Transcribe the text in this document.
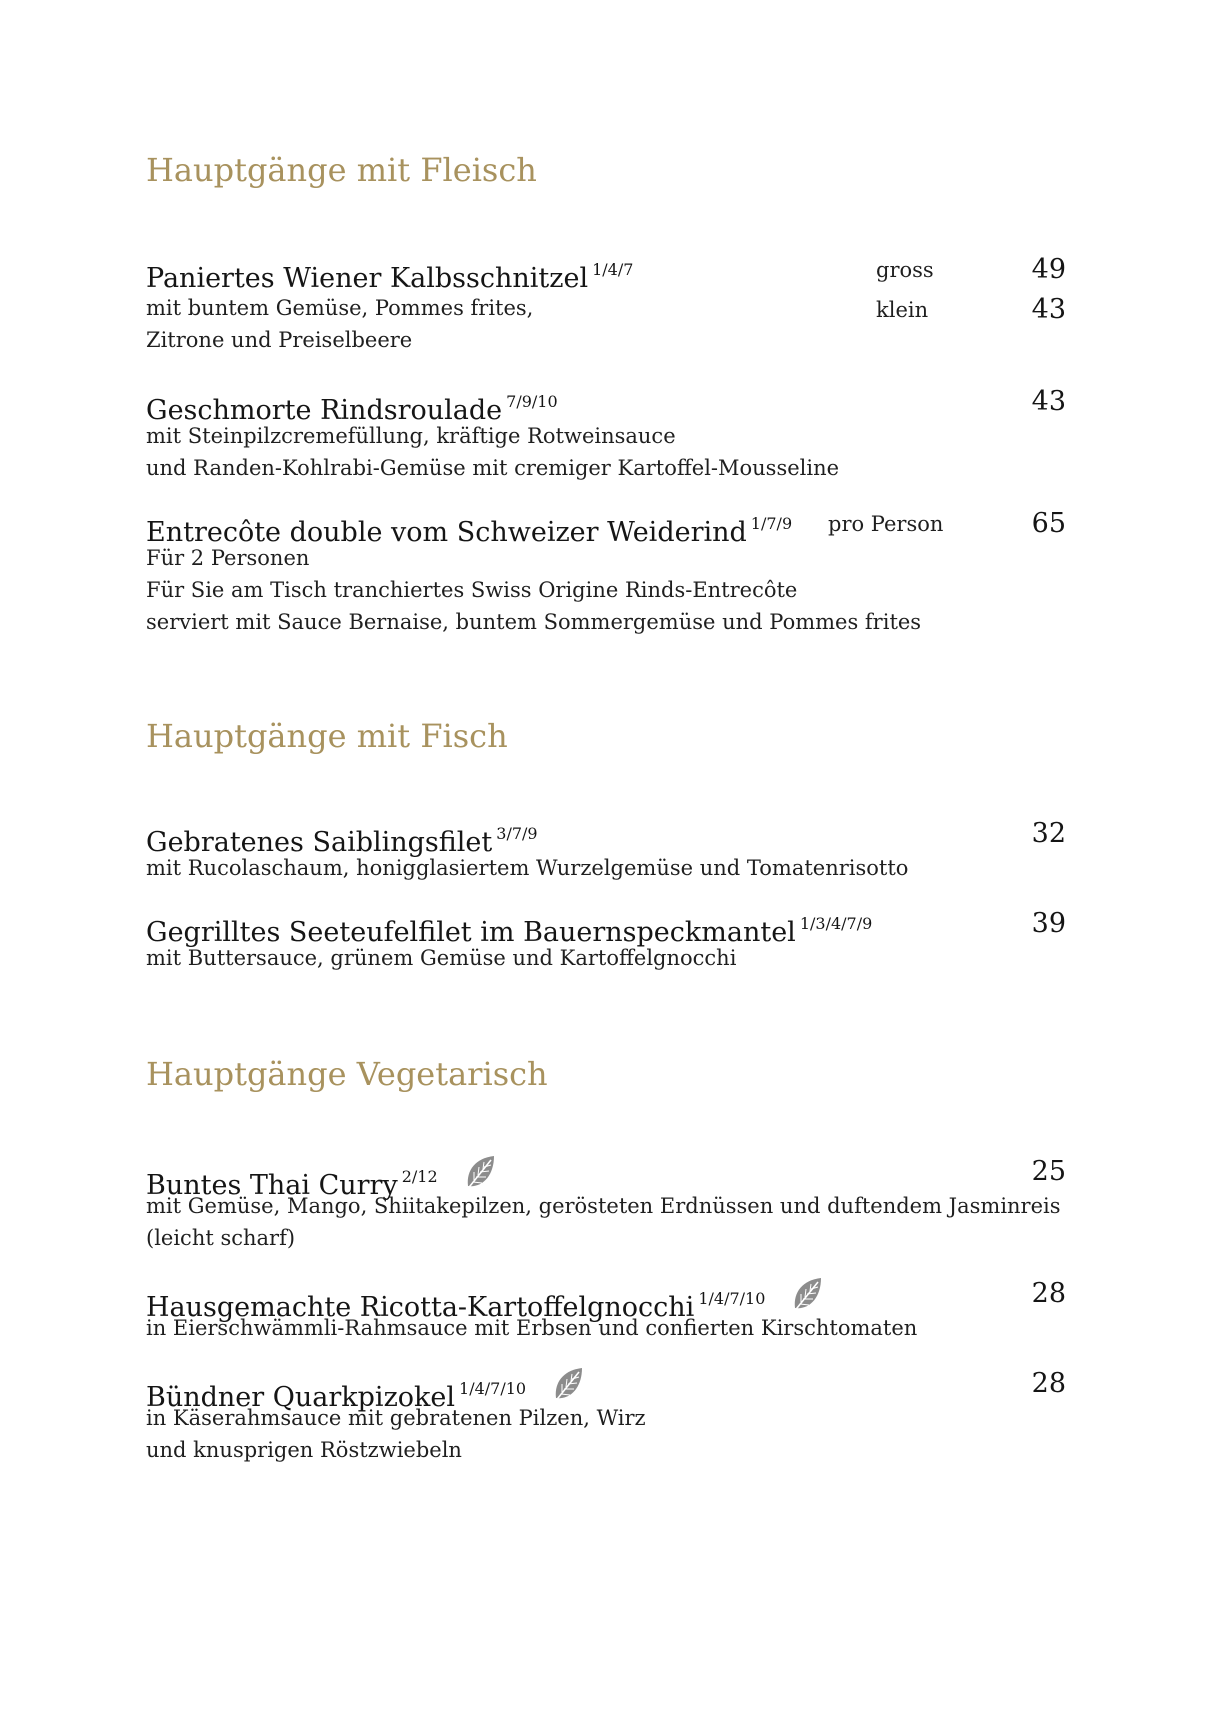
Hauptgänge mit Fleisch
Paniertes Wiener Kalbsschnitzel $^{1/4/7}$	gross	49
klein	43
mit buntem Gemüse, Pommes frites,
Zitrone und Preiselbeere
Geschmorte Rindsroulade $^{7/9/10}$	43
mit Steinpilzcremefüllung, kräftige Rotweinsauce
und Randen-Kohlrabi-Gemüse mit cremiger Kartoffel-Mousseline
Entrecôte double vom Schweizer Weiderind $^{1/7/9}$	pro Person	65
Für 2 Personen
Für Sie am Tisch tranchiertes Swiss Origine Rinds-Entrecôte
serviert mit Sauce Bernaise, buntem Sommergemüse und Pommes frites
Hauptgänge mit Fisch
Gebratenes Saiblingsfilet $^{3/7/9}$	32
mit Rucolaschaum, honigglasiertem Wurzelgemüse und Tomatenrisotto
Gegrilltes Seeteufelfilet im Bauernspeckmantel $^{1/3/4/7/9}$	39
mit Buttersauce, grünem Gemüse und Kartoffelgnocchi
Hauptgänge Vegetarisch
Buntes Thai Curry $^{2/12}$	25
mit Gemüse, Mango, Shiitakepilzen, gerösteten Erdnüssen und duftendem Jasminreis
(leicht scharf)
Hausgemachte Ricotta-Kartoffelgnocchi $^{1/4/7/10}$	28
in Eierschwämmli-Rahmsauce mit Erbsen und confierten Kirschtomaten
Bündner Quarkpizokel $^{1/4/7/10}$	28
in Käserahmsauce mit gebratenen Pilzen, Wirz
und knusprigen Röstzwiebeln
